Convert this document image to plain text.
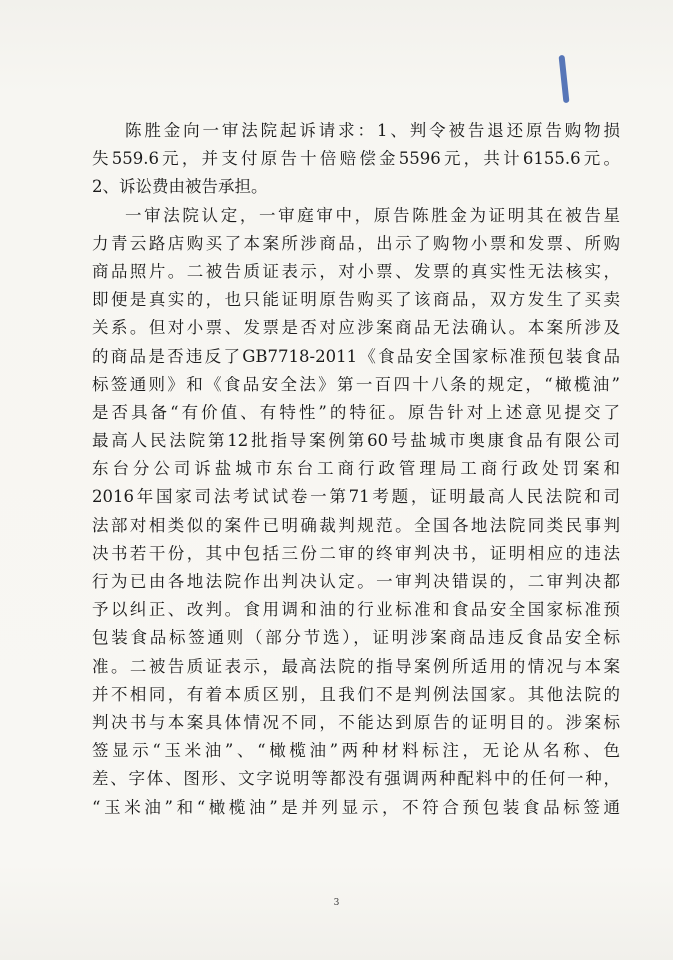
陈胜金向一审法院起诉请求：1、判令被告退还原告购物损
失559.6元，并支付原告十倍赔偿金5596元，共计6155.6元。
2、诉讼费由被告承担。
一审法院认定，一审庭审中，原告陈胜金为证明其在被告星
力青云路店购买了本案所涉商品，出示了购物小票和发票、所购
商品照片。二被告质证表示，对小票、发票的真实性无法核实，
即便是真实的，也只能证明原告购买了该商品，双方发生了买卖
关系。但对小票、发票是否对应涉案商品无法确认。本案所涉及
的商品是否违反了GB7718-2011《食品安全国家标准预包装食品
标签通则》和《食品安全法》第一百四十八条的规定，“橄榄油”
是否具备“有价值、有特性”的特征。原告针对上述意见提交了
最高人民法院第12批指导案例第60号盐城市奥康食品有限公司
东台分公司诉盐城市东台工商行政管理局工商行政处罚案和
2016年国家司法考试试卷一第71考题，证明最高人民法院和司
法部对相类似的案件已明确裁判规范。全国各地法院同类民事判
决书若干份，其中包括三份二审的终审判决书，证明相应的违法
行为已由各地法院作出判决认定。一审判决错误的，二审判决都
予以纠正、改判。食用调和油的行业标准和食品安全国家标准预
包装食品标签通则（部分节选），证明涉案商品违反食品安全标
准。二被告质证表示，最高法院的指导案例所适用的情况与本案
并不相同，有着本质区别，且我们不是判例法国家。其他法院的
判决书与本案具体情况不同，不能达到原告的证明目的。涉案标
签显示“玉米油”、“橄榄油”两种材料标注，无论从名称、色
差、字体、图形、文字说明等都没有强调两种配料中的任何一种，
“玉米油”和“橄榄油”是并列显示，不符合预包装食品标签通
3
